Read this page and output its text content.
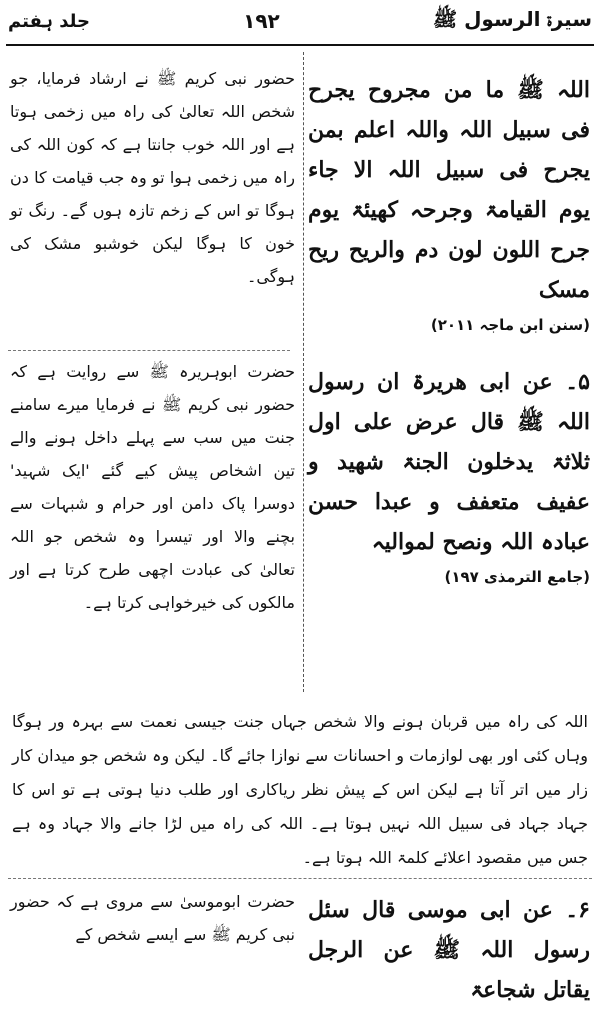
سیرۃ الرسول ﷺ
۱۹۲
جلد ہفتم

اللہ ﷺ ما من مجروح یجرح فی سبیل اللہ واللہ اعلم بمن یجرح فی سبیل اللہ الا جاء یوم القیامۃ وجرحہ کھیئۃ یوم جرح اللون لون دم والریح ریح مسک

(سنن ابن ماجہ ۲۰۱۱)

حضور نبی کریم ﷺ نے ارشاد فرمایا، جو شخص اللہ تعالیٰ کی راہ میں زخمی ہوتا ہے اور اللہ خوب جانتا ہے کہ کون اللہ کی راہ میں زخمی ہوا تو وہ جب قیامت کا دن ہوگا تو اس کے زخم تازہ ہوں گے۔ رنگ تو خون کا ہوگا لیکن خوشبو مشک کی ہوگی۔

۵۔ عن ابی ھریرۃ ان رسول اللہ ﷺ قال عرض علی اول ثلاثۃ یدخلون الجنۃ شھید و عفیف متعفف و عبدا حسن عبادہ اللہ ونصح لموالیہ

(جامع الترمذی ۱۹۷)

حضرت ابوہریرہ ﷺ سے روایت ہے کہ حضور نبی کریم ﷺ نے فرمایا میرے سامنے جنت میں سب سے پہلے داخل ہونے والے تین اشخاص پیش کیے گئے 'ایک شہید' دوسرا پاک دامن اور حرام و شبہات سے بچنے والا اور تیسرا وہ شخص جو اللہ تعالیٰ کی عبادت اچھی طرح کرتا ہے اور مالکوں کی خیرخواہی کرتا ہے۔

اللہ کی راہ میں قربان ہونے والا شخص جہاں جنت جیسی نعمت سے بہرہ ور ہوگا وہاں کئی اور بھی لوازمات و احسانات سے نوازا جائے گا۔ لیکن وہ شخص جو میدان کار زار میں اتر آتا ہے لیکن اس کے پیش نظر ریاکاری اور طلب دنیا ہوتی ہے تو اس کا جہاد جہاد فی سبیل اللہ نہیں ہوتا ہے۔ اللہ کی راہ میں لڑا جانے والا جہاد وہ ہے جس میں مقصود اعلائے کلمۃ اللہ ہوتا ہے۔

۶۔ عن ابی موسی قال سئل رسول اللہ ﷺ عن الرجل یقاتل شجاعۃ

حضرت ابوموسیٰ سے مروی ہے کہ حضور نبی کریم ﷺ سے ایسے شخص کے
